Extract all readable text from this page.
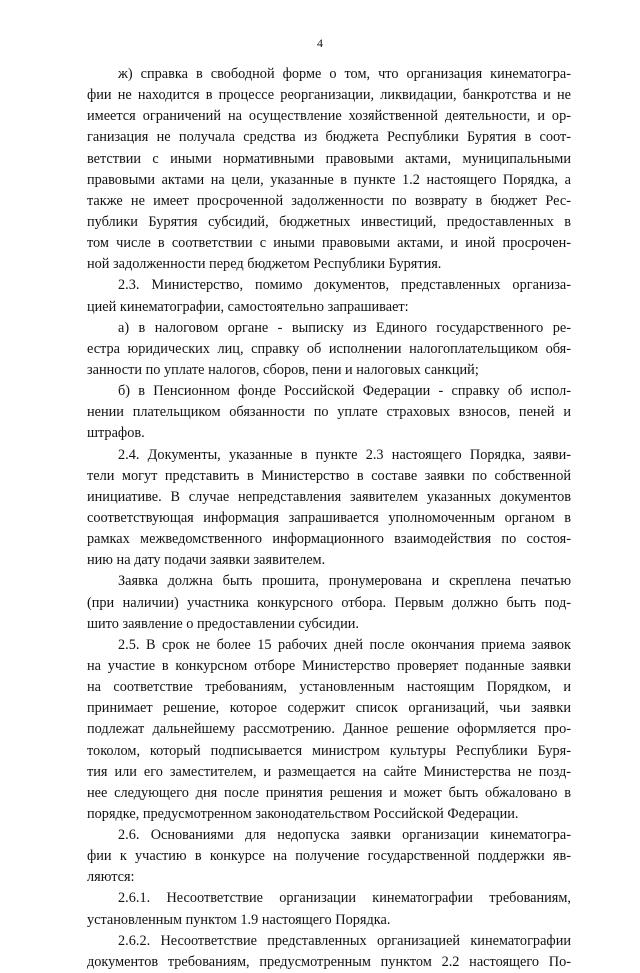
4
ж) справка в свободной форме о том, что организация кинематогра-
фии не находится в процессе реорганизации, ликвидации, банкротства и не
имеется ограничений на осуществление хозяйственной деятельности, и ор-
ганизация не получала средства из бюджета Республики Бурятия в соот-
ветствии с иными нормативными правовыми актами, муниципальными
правовыми актами на цели, указанные в пункте 1.2 настоящего Порядка, а
также не имеет просроченной задолженности по возврату в бюджет Рес-
публики Бурятия субсидий, бюджетных инвестиций, предоставленных в
том числе в соответствии с иными правовыми актами, и иной просрочен-
ной задолженности перед бюджетом Республики Бурятия.
2.3. Министерство, помимо документов, представленных организа-
цией кинематографии, самостоятельно запрашивает:
а) в налоговом органе - выписку из Единого государственного ре-
естра юридических лиц, справку об исполнении налогоплательщиком обя-
занности по уплате налогов, сборов, пени и налоговых санкций;
б) в Пенсионном фонде Российской Федерации - справку об испол-
нении плательщиком обязанности по уплате страховых взносов, пеней и
штрафов.
2.4. Документы, указанные в пункте 2.3 настоящего Порядка, заяви-
тели могут представить в Министерство в составе заявки по собственной
инициативе. В случае непредставления заявителем указанных документов
соответствующая информация запрашивается уполномоченным органом в
рамках межведомственного информационного взаимодействия по состоя-
нию на дату подачи заявки заявителем.
Заявка должна быть прошита, пронумерована и скреплена печатью
(при наличии) участника конкурсного отбора. Первым должно быть под-
шито заявление о предоставлении субсидии.
2.5. В срок не более 15 рабочих дней после окончания приема заявок
на участие в конкурсном отборе Министерство проверяет поданные заявки
на соответствие требованиям, установленным настоящим Порядком, и
принимает решение, которое содержит список организаций, чьи заявки
подлежат дальнейшему рассмотрению. Данное решение оформляется про-
токолом, который подписывается министром культуры Республики Буря-
тия или его заместителем, и размещается на сайте Министерства не позд-
нее следующего дня после принятия решения и может быть обжаловано в
порядке, предусмотренном законодательством Российской Федерации.
2.6. Основаниями для недопуска заявки организации кинематогра-
фии к участию в конкурсе на получение государственной поддержки яв-
ляются:
2.6.1. Несоответствие организации кинематографии требованиям,
установленным пунктом 1.9 настоящего Порядка.
2.6.2. Несоответствие представленных организацией кинематографии
документов требованиям, предусмотренным пунктом 2.2 настоящего По-
